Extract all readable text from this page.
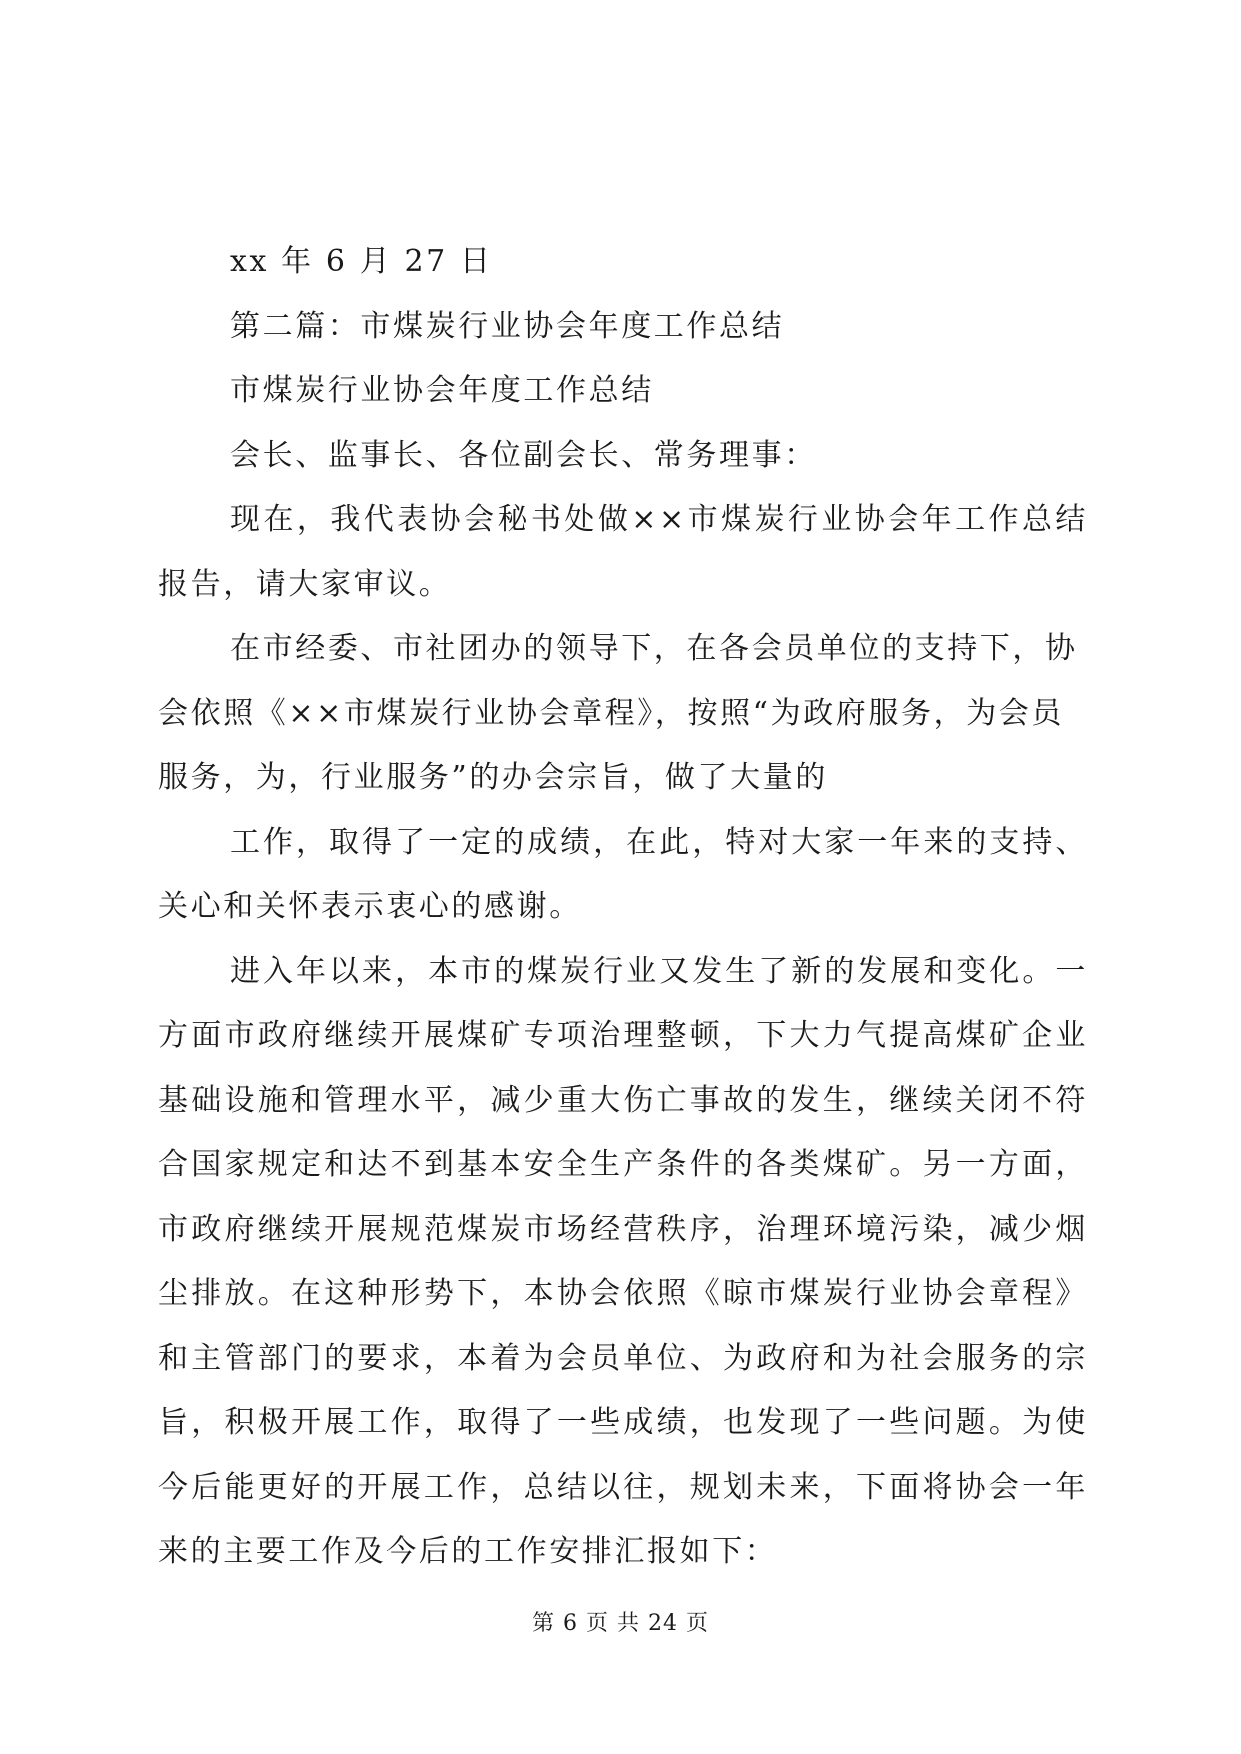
xx 年 6 月 27 日

第二篇：市煤炭行业协会年度工作总结

市煤炭行业协会年度工作总结

会长、监事长、各位副会长、常务理事：

现在，我代表协会秘书处做××市煤炭行业协会年工作总结报告，请大家审议。

在市经委、市社团办的领导下，在各会员单位的支持下，协会依照《××市煤炭行业协会章程》，按照“为政府服务，为会员服务，为，行业服务”的办会宗旨，做了大量的

工作，取得了一定的成绩，在此，特对大家一年来的支持、关心和关怀表示衷心的感谢。

进入年以来，本市的煤炭行业又发生了新的发展和变化。一方面市政府继续开展煤矿专项治理整顿，下大力气提高煤矿企业基础设施和管理水平，减少重大伤亡事故的发生，继续关闭不符合国家规定和达不到基本安全生产条件的各类煤矿。另一方面，市政府继续开展规范煤炭市场经营秩序，治理环境污染，减少烟尘排放。在这种形势下，本协会依照《晾市煤炭行业协会章程》和主管部门的要求，本着为会员单位、为政府和为社会服务的宗旨，积极开展工作，取得了一些成绩，也发现了一些问题。为使今后能更好的开展工作，总结以往，规划未来，下面将协会一年来的主要工作及今后的工作安排汇报如下：

第 6 页 共 24 页
